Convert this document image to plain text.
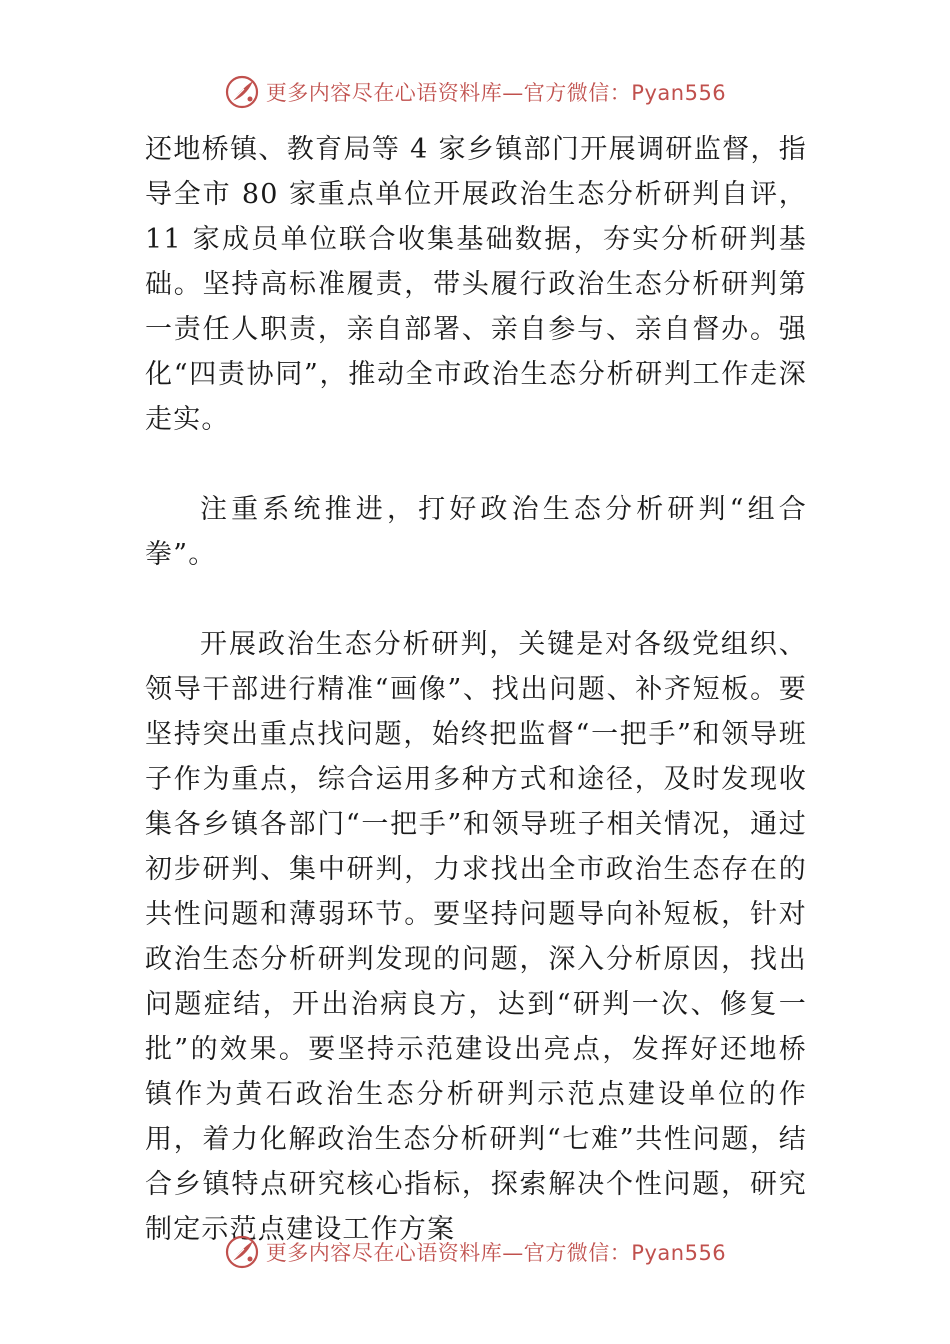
更多内容尽在心语资料库—官方微信：Pyan556

还地桥镇、教育局等 4 家乡镇部门开展调研监督，指导全市 80 家重点单位开展政治生态分析研判自评，11 家成员单位联合收集基础数据，夯实分析研判基础。坚持高标准履责，带头履行政治生态分析研判第一责任人职责，亲自部署、亲自参与、亲自督办。强化“四责协同”，推动全市政治生态分析研判工作走深走实。

注重系统推进，打好政治生态分析研判“组合拳”。

开展政治生态分析研判，关键是对各级党组织、领导干部进行精准“画像”、找出问题、补齐短板。要坚持突出重点找问题，始终把监督“一把手”和领导班子作为重点，综合运用多种方式和途径，及时发现收集各乡镇各部门“一把手”和领导班子相关情况，通过初步研判、集中研判，力求找出全市政治生态存在的共性问题和薄弱环节。要坚持问题导向补短板，针对政治生态分析研判发现的问题，深入分析原因，找出问题症结，开出治病良方，达到“研判一次、修复一批”的效果。要坚持示范建设出亮点，发挥好还地桥镇作为黄石政治生态分析研判示范点建设单位的作用，着力化解政治生态分析研判“七难”共性问题，结合乡镇特点研究核心指标，探索解决个性问题，研究制定示范点建设工作方案

更多内容尽在心语资料库—官方微信：Pyan556
